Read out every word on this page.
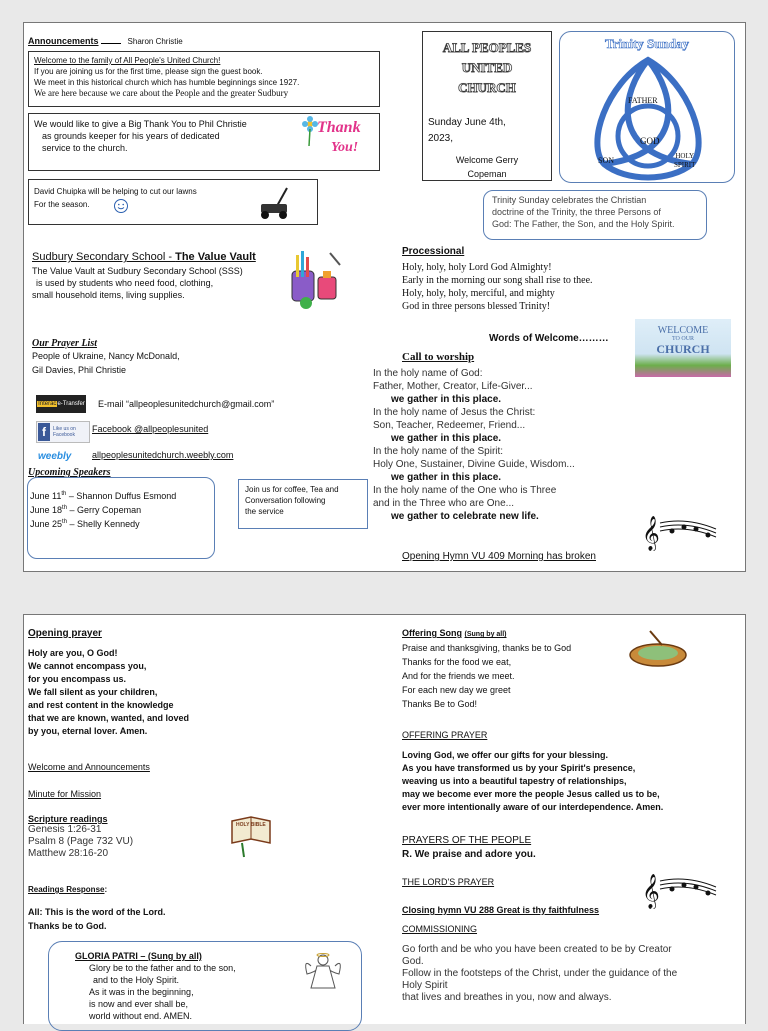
Announcements	Sharon Christie
Welcome to the family of All People's United Church!
If you are joining us for the first time, please sign the guest book.
We meet in this historical church which has humble beginnings since 1927.
We are here because we care about the People and the greater Sudbury
We would like to give a Big Thank You to Phil Christie
as grounds keeper for his years of dedicated
service to the church.
Thank
You!
David Chuipka will be helping to cut our lawns
For the season.
Sudbury Secondary School - The Value Vault
The Value Vault at Sudbury Secondary School (SSS)
is used by students who need food, clothing,
small household items, living supplies.
Our Prayer List
People of Ukraine, Nancy McDonald,
Gil Davies, Phil Christie
Interace-Transfer E-mail “allpeoplesunitedchurch@gmail.com”
f	Like us on Facebook
Facebook @allpeoplesunited
weebly allpeoplesunitedchurch.weebly.com
Upcoming Speakers
June 11th – Shannon Duffus Esmond
June 18th – Gerry Copeman
June 25th – Shelly Kennedy
Join us for coffee, Tea and
Conversation following
the service
ALL PEOPLES
UNITED
CHURCH
Sunday June 4th,
2023,
Welcome Gerry
Copeman
Trinity Sunday
FATHER
GOD
SON	HOLY
SPIRIT
Trinity Sunday celebrates the Christian
doctrine of the Trinity, the three Persons of
God: The Father, the Son, and the Holy Spirit.
Processional
Holy, holy, holy Lord God Almighty!
Early in the morning our song shall rise to thee.
Holy, holy, holy, merciful, and mighty
God in three persons blessed Trinity!
Words of Welcome………
WELCOME
TO OUR
CHURCH
Call to worship
In the holy name of God:
Father, Mother, Creator, Life-Giver...
we gather in this place.
In the holy name of Jesus the Christ:
Son, Teacher, Redeemer, Friend...
we gather in this place.
In the holy name of the Spirit:
Holy One, Sustainer, Divine Guide, Wisdom...
we gather in this place.
In the holy name of the One who is Three
and in the Three who are One...
we gather to celebrate new life.	𝄞
Opening Hymn VU 409 Morning has broken
Opening prayer
Holy are you, O God!
We cannot encompass you,
for you encompass us.
We fall silent as your children,
and rest content in the knowledge
that we are known, wanted, and loved
by you, eternal lover. Amen.
Welcome and Announcements
Minute for Mission
Scripture readings
Genesis 1:26-31
Psalm 8 (Page 732 VU)
Matthew 28:16-20
HOLY BIBLE
Readings Response:
All: This is the word of the Lord.
Thanks be to God.
GLORIA PATRI – (Sung by all)
Glory be to the father and to the son,
and to the Holy Spirit.
As it was in the beginning,
is now and ever shall be,
world without end. AMEN.
Offering Song (Sung by all)
Praise and thanksgiving, thanks be to God
Thanks for the food we eat,
And for the friends we meet.
For each new day we greet
Thanks Be to God!
OFFERING PRAYER
Loving God, we offer our gifts for your blessing.
As you have transformed us by your Spirit's presence,
weaving us into a beautiful tapestry of relationships,
may we become ever more the people Jesus called us to be,
ever more intentionally aware of our interdependence. Amen.
PRAYERS OF THE PEOPLE
R. We praise and adore you.
THE LORD'S PRAYER	𝄞
Closing hymn VU 288 Great is thy faithfulness
COMMISSIONING
Go forth and be who you have been created to be by Creator
God.
Follow in the footsteps of the Christ, under the guidance of the
Holy Spirit
that lives and breathes in you, now and always.
